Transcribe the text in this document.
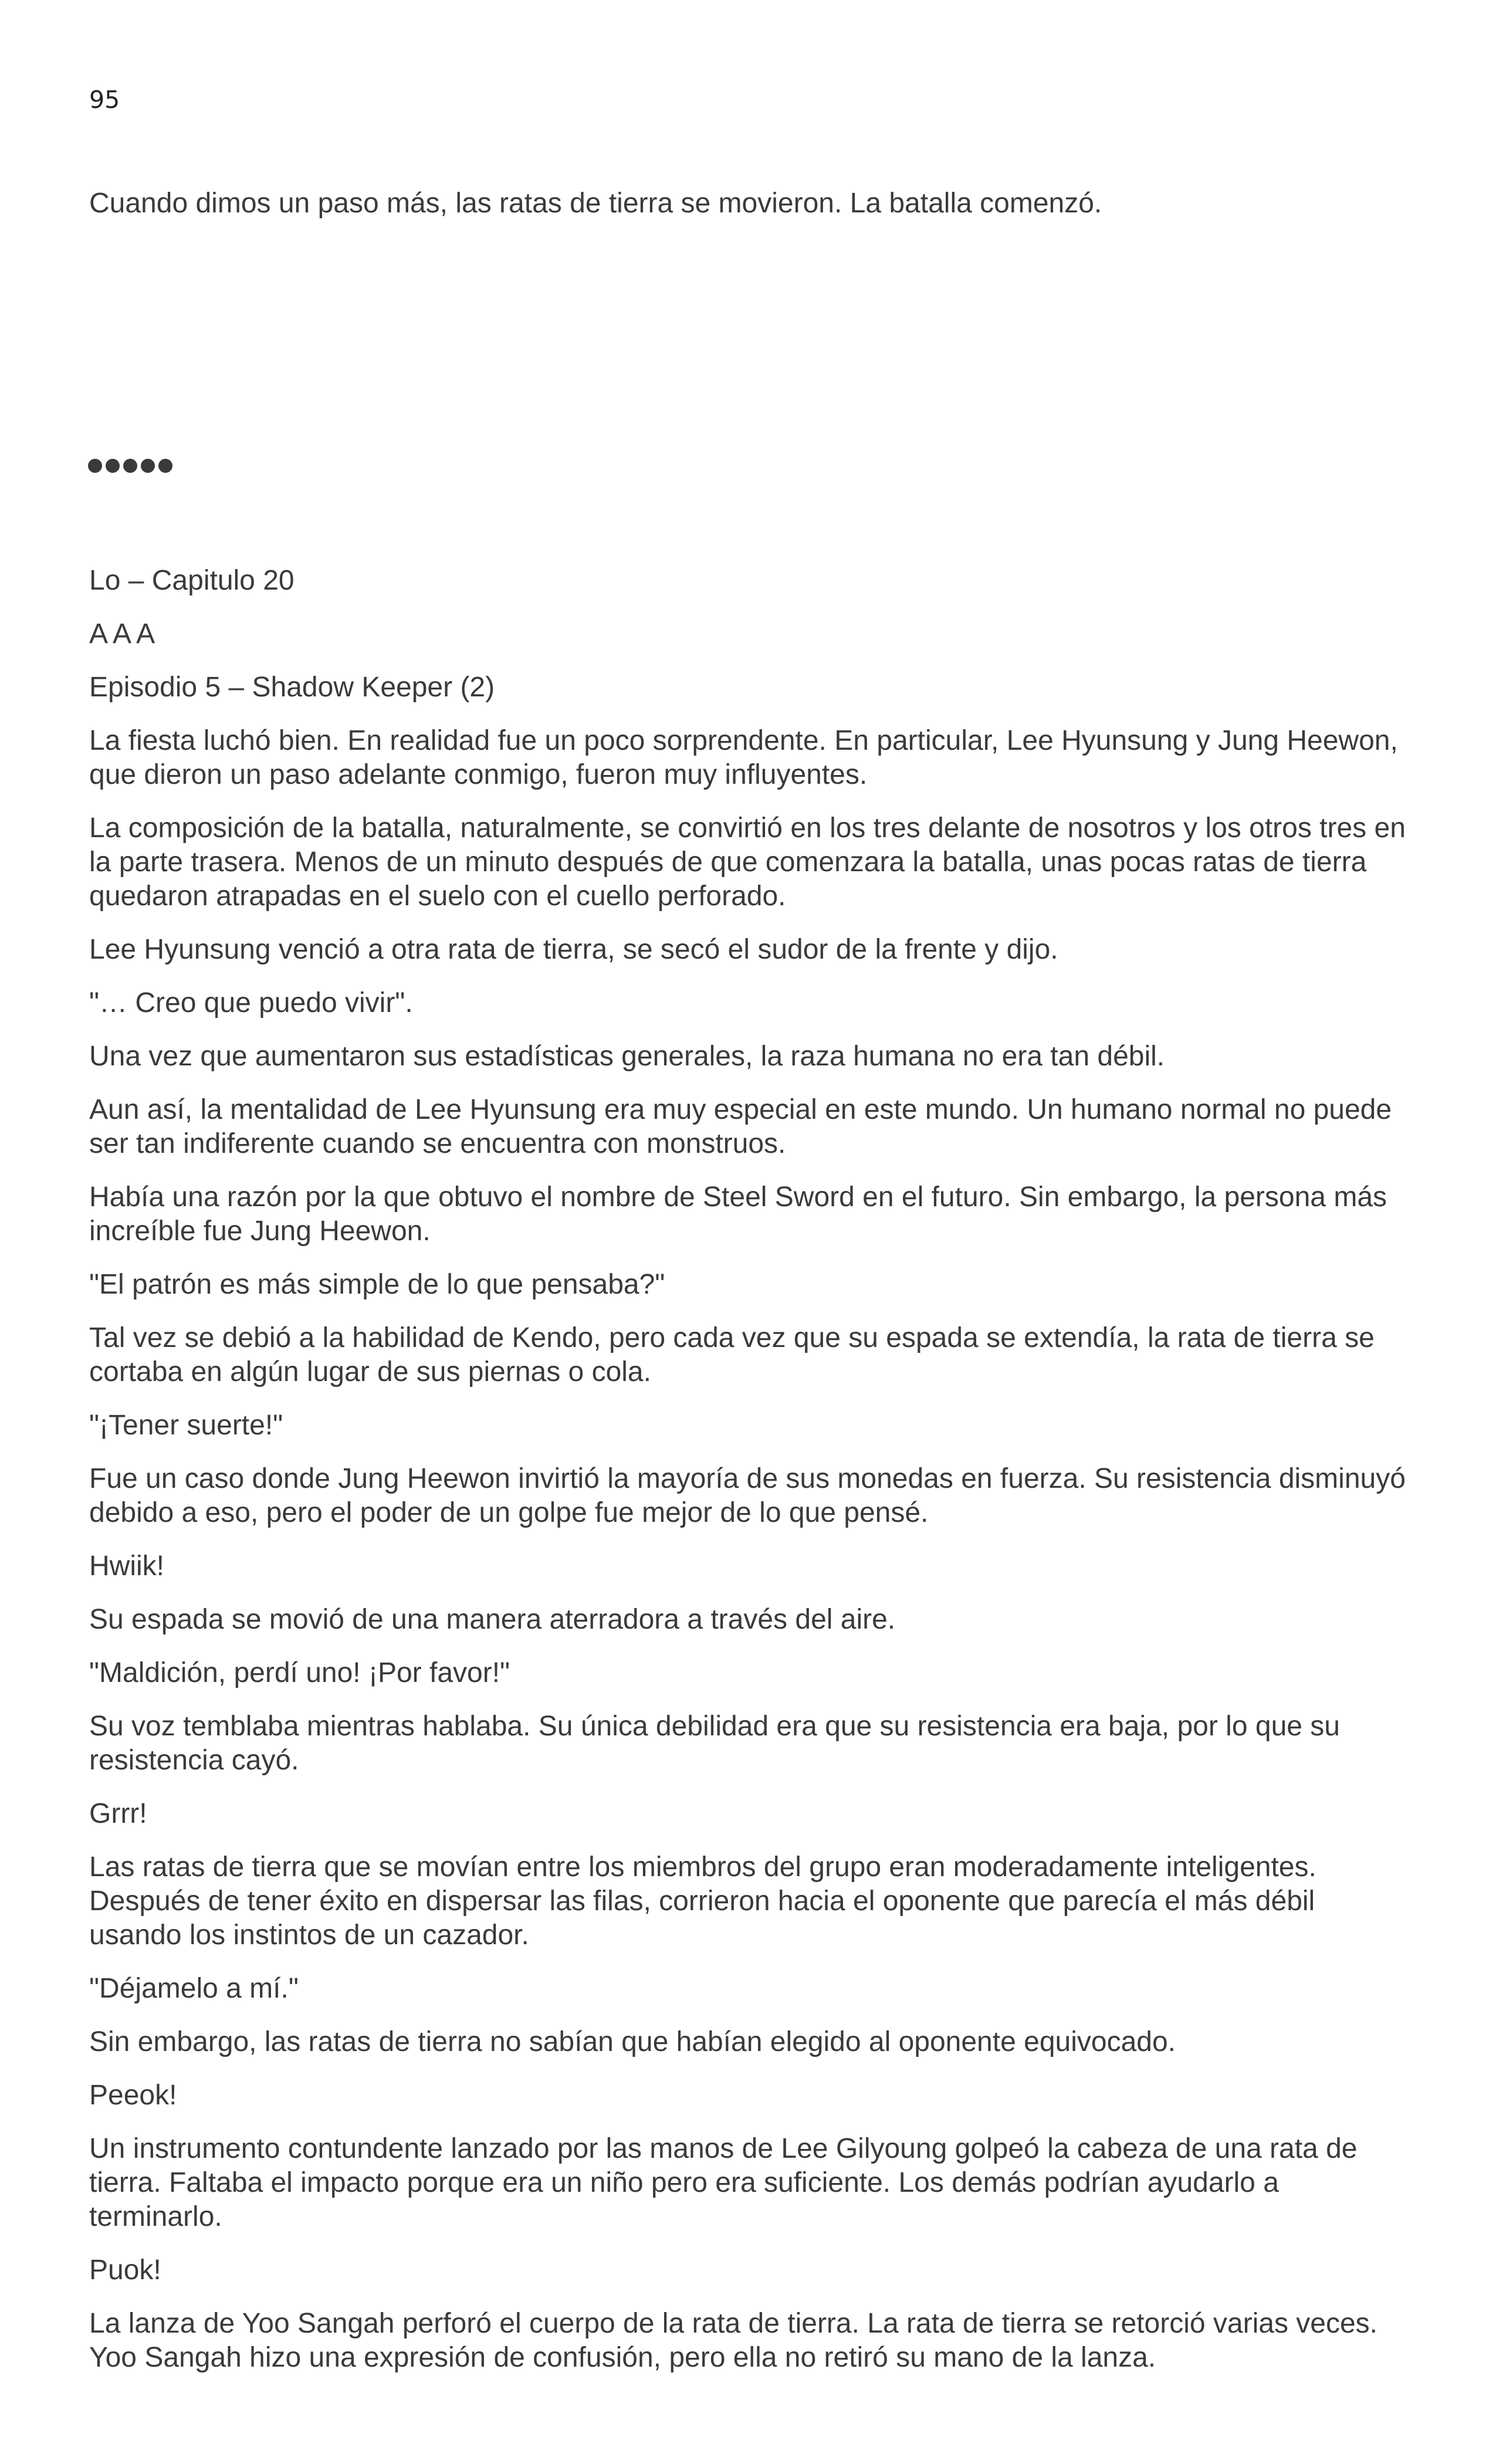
95

Cuando dimos un paso más, las ratas de tierra se movieron. La batalla comenzó.

Lo – Capitulo 20

A A A

Episodio 5 – Shadow Keeper (2)

La fiesta luchó bien. En realidad fue un poco sorprendente. En particular, Lee Hyunsung y Jung Heewon, que dieron un paso adelante conmigo, fueron muy influyentes.

La composición de la batalla, naturalmente, se convirtió en los tres delante de nosotros y los otros tres en la parte trasera. Menos de un minuto después de que comenzara la batalla, unas pocas ratas de tierra quedaron atrapadas en el suelo con el cuello perforado.

Lee Hyunsung venció a otra rata de tierra, se secó el sudor de la frente y dijo.

"… Creo que puedo vivir".

Una vez que aumentaron sus estadísticas generales, la raza humana no era tan débil.

Aun así, la mentalidad de Lee Hyunsung era muy especial en este mundo. Un humano normal no puede ser tan indiferente cuando se encuentra con monstruos.

Había una razón por la que obtuvo el nombre de Steel Sword en el futuro. Sin embargo, la persona más increíble fue Jung Heewon.

"El patrón es más simple de lo que pensaba?"

Tal vez se debió a la habilidad de Kendo, pero cada vez que su espada se extendía, la rata de tierra se cortaba en algún lugar de sus piernas o cola.

"¡Tener suerte!"

Fue un caso donde Jung Heewon invirtió la mayoría de sus monedas en fuerza. Su resistencia disminuyó debido a eso, pero el poder de un golpe fue mejor de lo que pensé.

Hwiik!

Su espada se movió de una manera aterradora a través del aire.

"Maldición, perdí uno! ¡Por favor!"

Su voz temblaba mientras hablaba. Su única debilidad era que su resistencia era baja, por lo que su resistencia cayó.

Grrr!

Las ratas de tierra que se movían entre los miembros del grupo eran moderadamente inteligentes. Después de tener éxito en dispersar las filas, corrieron hacia el oponente que parecía el más débil usando los instintos de un cazador.

"Déjamelo a mí."

Sin embargo, las ratas de tierra no sabían que habían elegido al oponente equivocado.

Peeok!

Un instrumento contundente lanzado por las manos de Lee Gilyoung golpeó la cabeza de una rata de tierra. Faltaba el impacto porque era un niño pero era suficiente. Los demás podrían ayudarlo a terminarlo.

Puok!

La lanza de Yoo Sangah perforó el cuerpo de la rata de tierra. La rata de tierra se retorció varias veces. Yoo Sangah hizo una expresión de confusión, pero ella no retiró su mano de la lanza.
